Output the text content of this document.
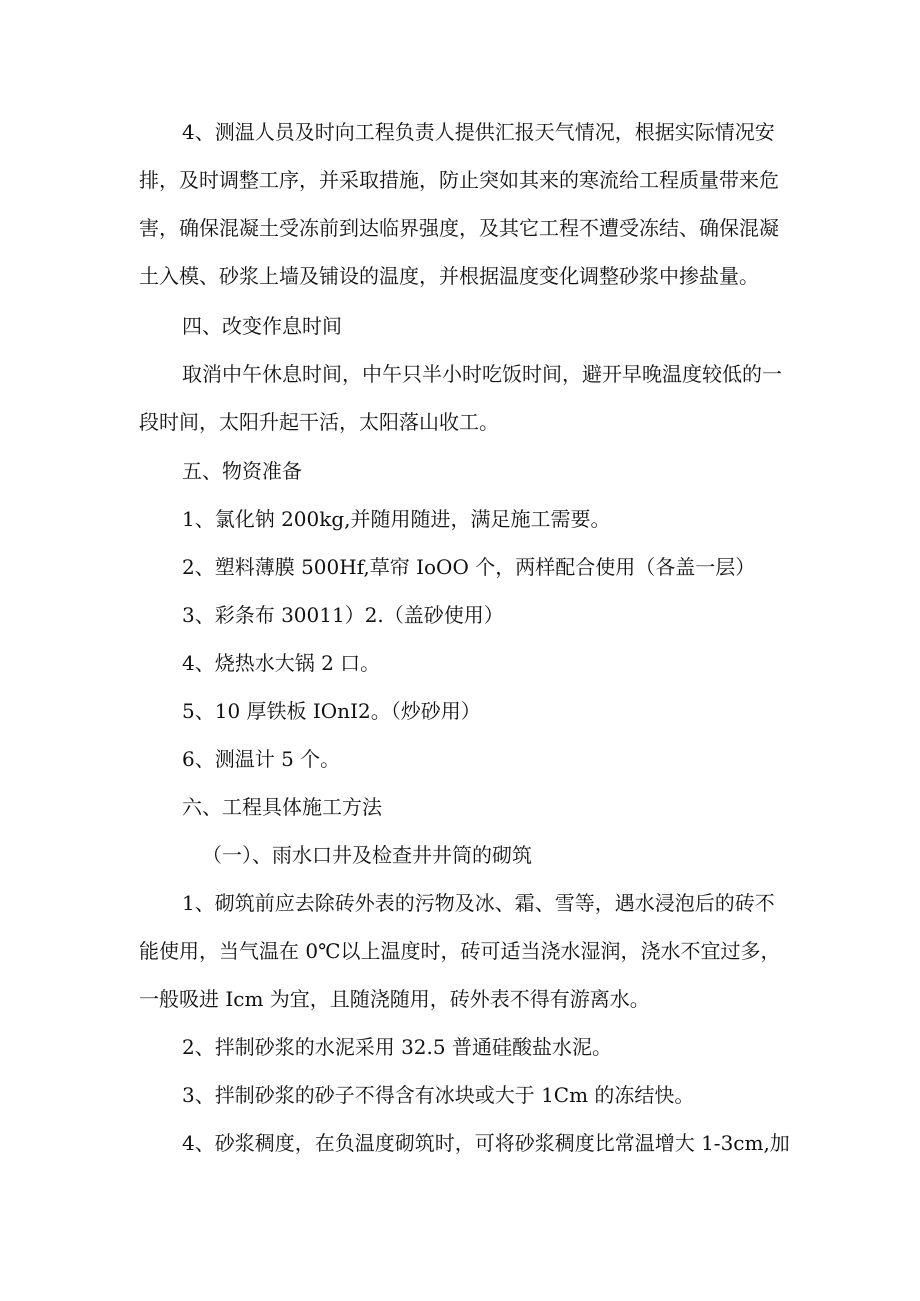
4、测温人员及时向工程负责人提供汇报天气情况，根据实际情况安
排，及时调整工序，并采取措施，防止突如其来的寒流给工程质量带来危
害，确保混凝土受冻前到达临界强度，及其它工程不遭受冻结、确保混凝
土入模、砂浆上墙及铺设的温度，并根据温度变化调整砂浆中掺盐量。
四、改变作息时间
取消中午休息时间，中午只半小时吃饭时间，避开早晚温度较低的一
段时间，太阳升起干活，太阳落山收工。
五、物资准备
1、氯化钠 200kg,并随用随进，满足施工需要。
2、塑料薄膜 500Hf,草帘 IoOO 个，两样配合使用（各盖一层）
3、彩条布 30011）2.（盖砂使用）
4、烧热水大锅 2 口。
5、10 厚铁板 IOnI2。（炒砂用）
6、测温计 5 个。
六、工程具体施工方法
（一）、雨水口井及检查井井筒的砌筑
1、砌筑前应去除砖外表的污物及冰、霜、雪等，遇水浸泡后的砖不
能使用，当气温在 0℃以上温度时，砖可适当浇水湿润，浇水不宜过多，
一般吸进 Icm 为宜，且随浇随用，砖外表不得有游离水。
2、拌制砂浆的水泥采用 32.5 普通硅酸盐水泥。
3、拌制砂浆的砂子不得含有冰块或大于 1Cm 的冻结快。
4、砂浆稠度，在负温度砌筑时，可将砂浆稠度比常温增大 1-3cm,加
